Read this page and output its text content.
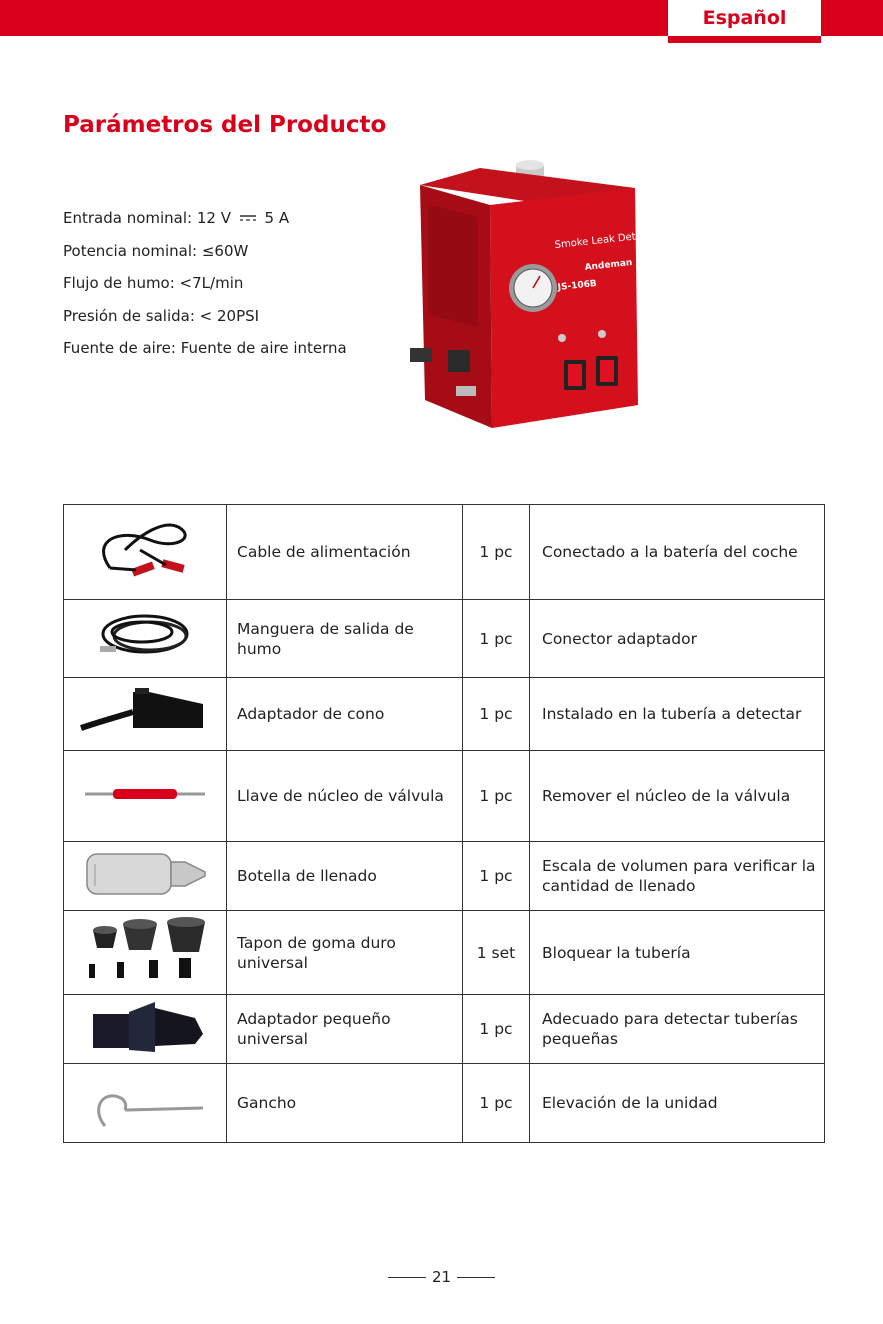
Español
Parámetros del Producto
Entrada nominal: 12 V 5 A
Potencia nominal: ≤60W
Flujo de humo: <7L/min
Presión de salida: < 20PSI
Fuente de aire: Fuente de aire interna
Smoke Leak Detector
Andeman
JS-106B
	Cable de alimentación	1 pc	Conectado a la batería del coche
	Manguera de salida de humo	1 pc	Conector adaptador
	Adaptador de cono	1 pc	Instalado en la tubería a detectar
	Llave de núcleo de válvula	1 pc	Remover el núcleo de la válvula
	Botella de llenado	1 pc	Escala de volumen para verificar la cantidad de llenado
	Tapon de goma duro universal	1 set	Bloquear la tubería
	Adaptador pequeño universal	1 pc	Adecuado para detectar tuberías pequeñas
	Gancho	1 pc	Elevación de la unidad
21
